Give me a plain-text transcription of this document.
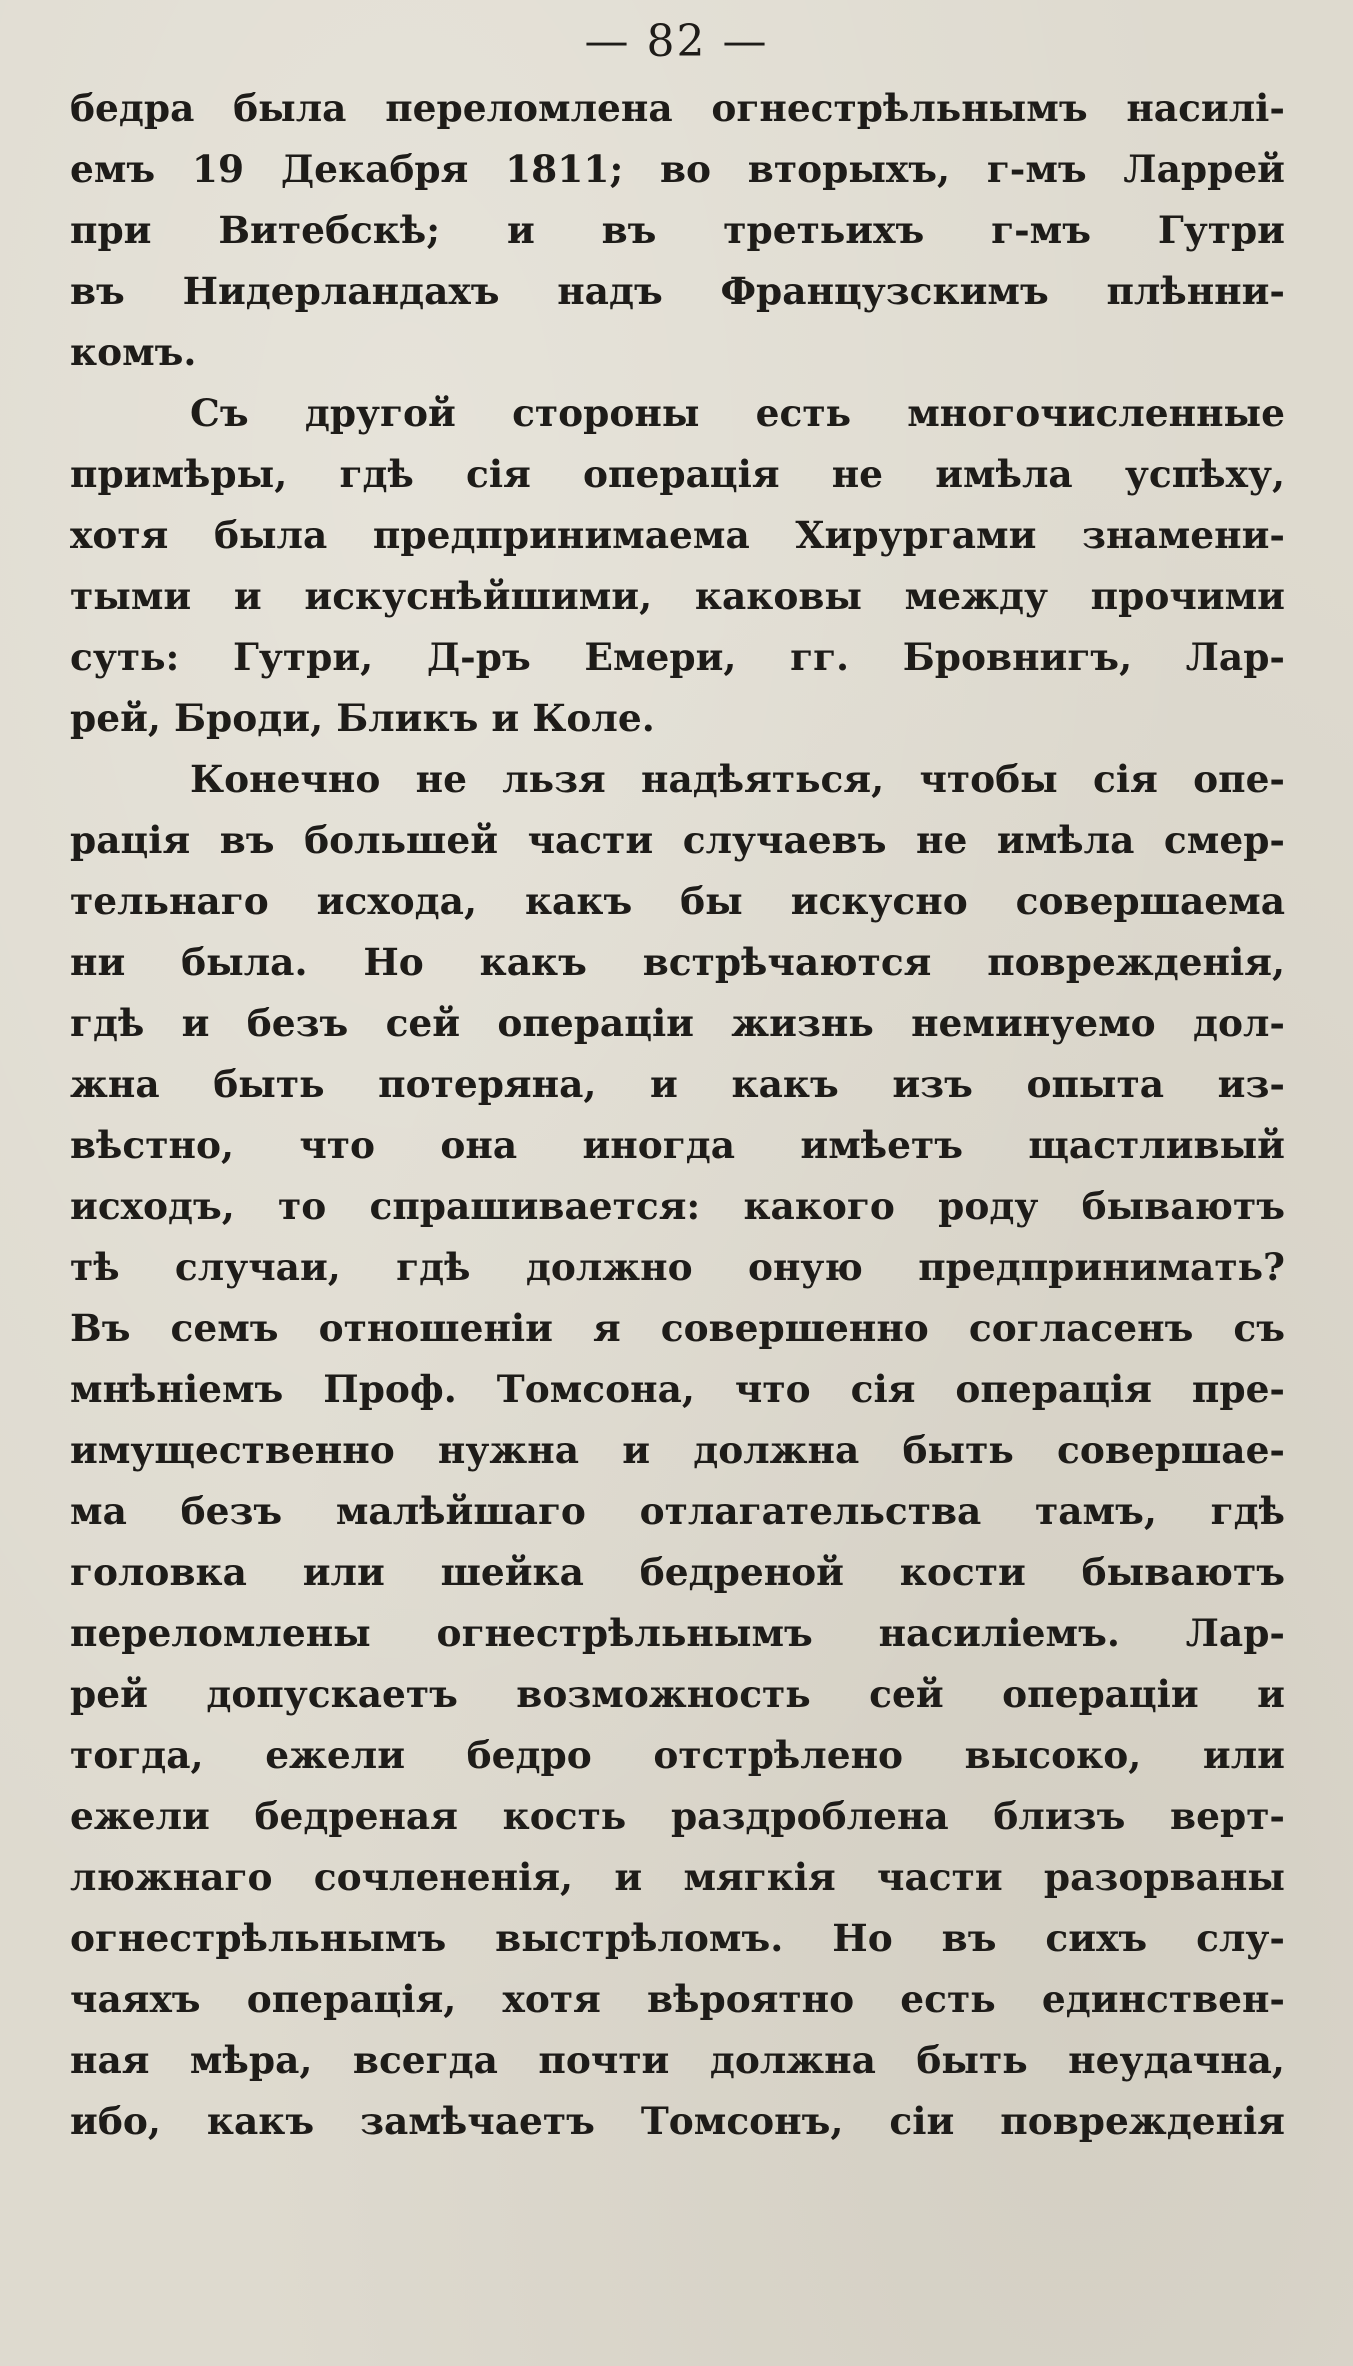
— 82 —
бедра была переломлена огнестрѣльнымъ насилі-
емъ 19 Декабря 1811; во вторыхъ, г-мъ Ларрей
при Витебскѣ; и въ третьихъ г-мъ Гутри
въ Нидерландахъ надъ Французскимъ плѣнни-
комъ.
Съ другой стороны есть многочисленные
примѣры, гдѣ сія операція не имѣла успѣху,
хотя была предпринимаема Хирургами знамени-
тыми и искуснѣйшими, каковы между прочими
суть: Гутри, Д-ръ Емери, гг. Бровнигъ, Лар-
рей, Броди, Бликъ и Коле.
Конечно не льзя надѣяться, чтобы сія опе-
рація въ большей части случаевъ не имѣла смер-
тельнаго исхода, какъ бы искусно совершаема
ни была. Но какъ встрѣчаются поврежденія,
гдѣ и безъ сей операціи жизнь неминуемо дол-
жна быть потеряна, и какъ изъ опыта из-
вѣстно, что она иногда имѣетъ щастливый
исходъ, то спрашивается: какого роду бываютъ
тѣ случаи, гдѣ должно оную предпринимать?
Въ семъ отношеніи я совершенно согласенъ съ
мнѣніемъ Проф. Томсона, что сія операція пре-
имущественно нужна и должна быть совершае-
ма безъ малѣйшаго отлагательства тамъ, гдѣ
головка или шейка бедреной кости бываютъ
переломлены огнестрѣльнымъ насиліемъ. Лар-
рей допускаетъ возможность сей операціи и
тогда, ежели бедро отстрѣлено высоко, или
ежели бедреная кость раздроблена близъ верт-
люжнаго сочлененія, и мягкія части разорваны
огнестрѣльнымъ выстрѣломъ. Но въ сихъ слу-
чаяхъ операція, хотя вѣроятно есть единствен-
ная мѣра, всегда почти должна быть неудачна,
ибо, какъ замѣчаетъ Томсонъ, сіи поврежденія
